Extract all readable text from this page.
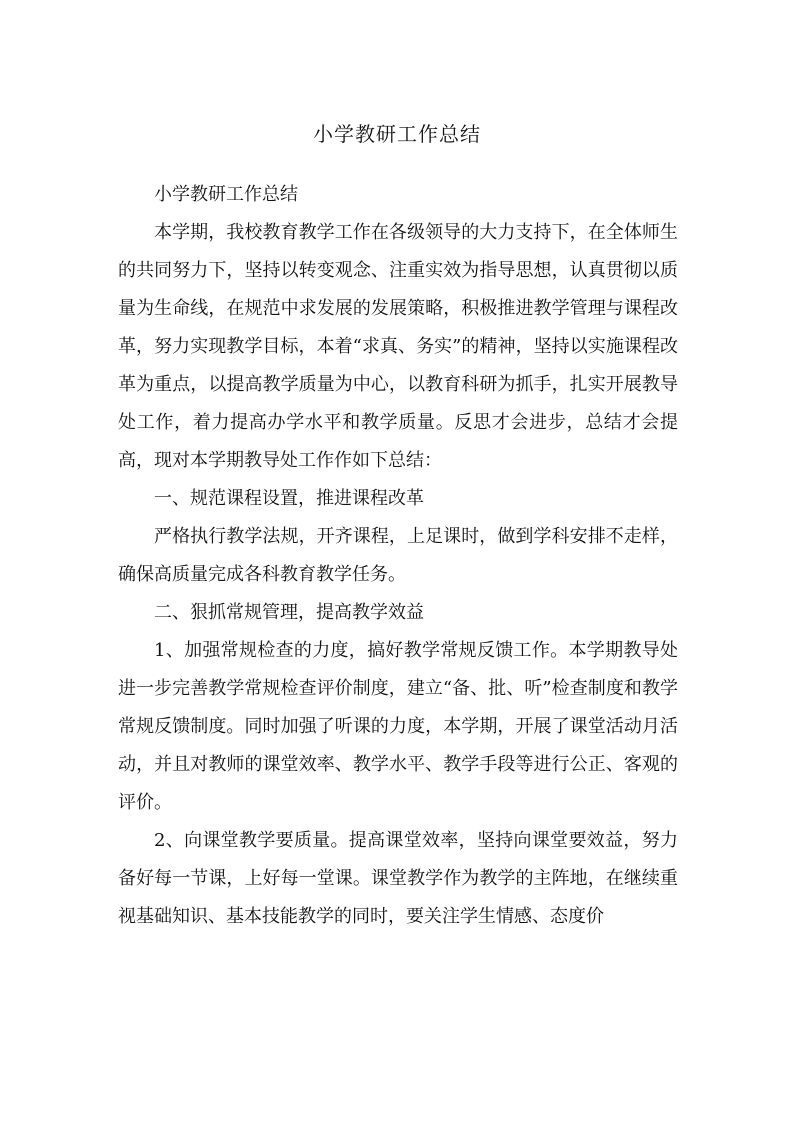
小学教研工作总结

小学教研工作总结

本学期，我校教育教学工作在各级领导的大力支持下，在全体师生的共同努力下，坚持以转变观念、注重实效为指导思想，认真贯彻以质量为生命线，在规范中求发展的发展策略，积极推进教学管理与课程改革，努力实现教学目标，本着“求真、务实”的精神，坚持以实施课程改革为重点，以提高教学质量为中心，以教育科研为抓手，扎实开展教导处工作，着力提高办学水平和教学质量。反思才会进步，总结才会提高，现对本学期教导处工作作如下总结：

一、规范课程设置，推进课程改革

严格执行教学法规，开齐课程，上足课时，做到学科安排不走样，确保高质量完成各科教育教学任务。

二、狠抓常规管理，提高教学效益

1、加强常规检查的力度，搞好教学常规反馈工作。本学期教导处进一步完善教学常规检查评价制度，建立“备、批、听”检查制度和教学常规反馈制度。同时加强了听课的力度，本学期，开展了课堂活动月活动，并且对教师的课堂效率、教学水平、教学手段等进行公正、客观的评价。

2、向课堂教学要质量。提高课堂效率，坚持向课堂要效益，努力备好每一节课，上好每一堂课。课堂教学作为教学的主阵地，在继续重视基础知识、基本技能教学的同时，要关注学生情感、态度价
